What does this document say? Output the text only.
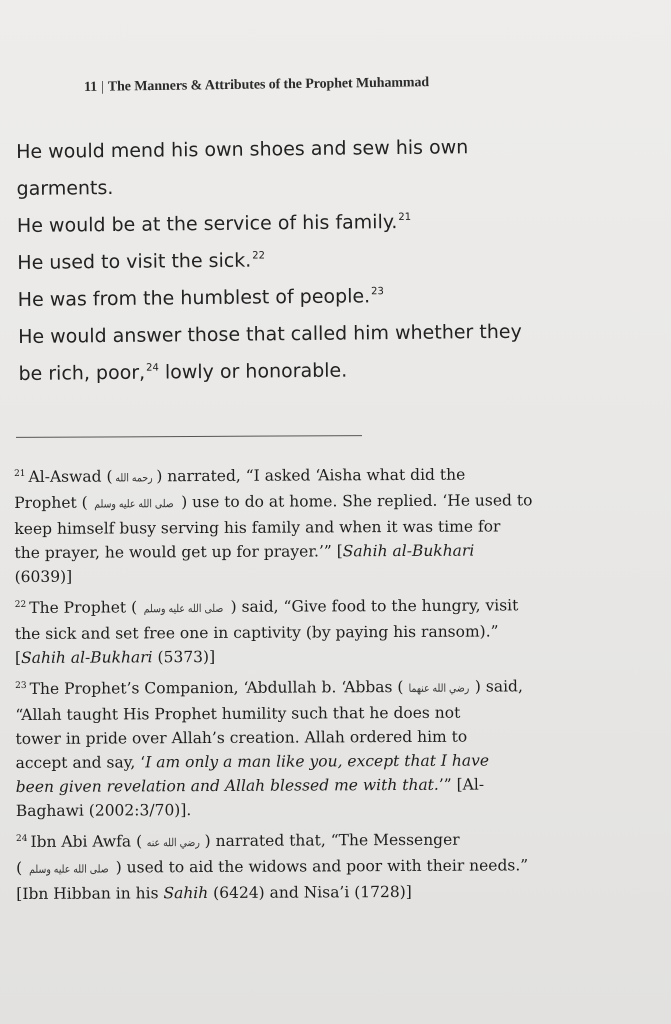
11 | The Manners & Attributes of the Prophet Muhammad

He would mend his own shoes and sew his own
garments.

He would be at the service of his family.$^{21}$

He used to visit the sick.$^{22}$

He was from the humblest of people.$^{23}$

He would answer those that called him whether they
be rich, poor,$^{24}$ lowly or honorable.

$^{21}$ Al-Aswad ( رحمه الله ) narrated, “I asked ‘Aisha what did the
Prophet ( صلى الله عليه وسلم ) use to do at home. She replied. ‘He used to
keep himself busy serving his family and when it was time for
the prayer, he would get up for prayer.’” [Sahih al-Bukhari
(6039)]
$^{22}$ The Prophet ( صلى الله عليه وسلم ) said, “Give food to the hungry, visit
the sick and set free one in captivity (by paying his ransom).”
[Sahih al-Bukhari (5373)]
$^{23}$ The Prophet’s Companion, ‘Abdullah b. ‘Abbas ( رضي الله عنهما ) said,
“Allah taught His Prophet humility such that he does not
tower in pride over Allah’s creation. Allah ordered him to
accept and say, ‘I am only a man like you, except that I have
been given revelation and Allah blessed me with that.’” [Al-
Baghawi (2002:3/70)].
$^{24}$ Ibn Abi Awfa ( رضي الله عنه ) narrated that, “The Messenger
( صلى الله عليه وسلم ) used to aid the widows and poor with their needs.”
[Ibn Hibban in his Sahih (6424) and Nisa’i (1728)]
